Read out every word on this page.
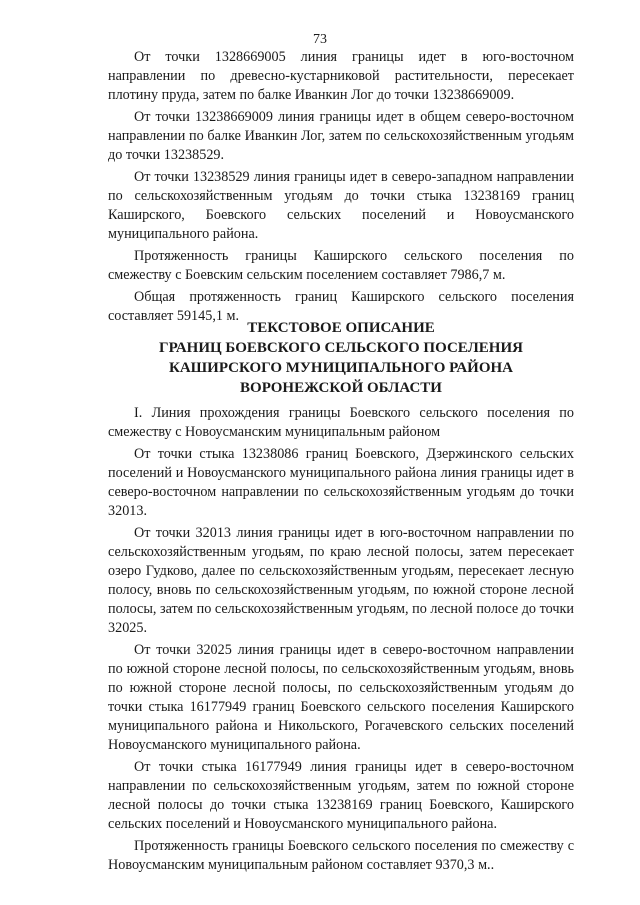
73

От точки 1328669005 линия границы идет в юго-восточном направлении по древесно-кустарниковой растительности, пересекает плотину пруда, затем по балке Иванкин Лог до точки 13238669009.

От точки 13238669009 линия границы идет в общем северо-восточном направлении по балке Иванкин Лог, затем по сельскохозяйственным угодьям до точки 13238529.

От точки 13238529 линия границы идет в северо-западном направлении по сельскохозяйственным угодьям до точки стыка 13238169 границ Каширского, Боевского сельских поселений и Новоусманского муниципального района.

Протяженность границы Каширского сельского поселения по смежеству с Боевским сельским поселением составляет 7986,7 м.

Общая протяженность границ Каширского сельского поселения составляет 59145,1 м.

ТЕКСТОВОЕ ОПИСАНИЕ
ГРАНИЦ БОЕВСКОГО СЕЛЬСКОГО ПОСЕЛЕНИЯ
КАШИРСКОГО МУНИЦИПАЛЬНОГО РАЙОНА
ВОРОНЕЖСКОЙ ОБЛАСТИ

I. Линия прохождения границы Боевского сельского поселения по смежеству с Новоусманским муниципальным районом

От точки стыка 13238086 границ Боевского, Дзержинского сельских поселений и Новоусманского муниципального района линия границы идет в северо-восточном направлении по сельскохозяйственным угодьям до точки 32013.

От точки 32013 линия границы идет в юго-восточном направлении по сельскохозяйственным угодьям, по краю лесной полосы, затем пересекает озеро Гудково, далее по сельскохозяйственным угодьям, пересекает лесную полосу, вновь по сельскохозяйственным угодьям, по южной стороне лесной полосы, затем по сельскохозяйственным угодьям, по лесной полосе до точки 32025.

От точки 32025 линия границы идет в северо-восточном направлении по южной стороне лесной полосы, по сельскохозяйственным угодьям, вновь по южной стороне лесной полосы, по сельскохозяйственным угодьям до точки стыка 16177949 границ Боевского сельского поселения Каширского муниципального района и Никольского, Рогачевского сельских поселений Новоусманского муниципального района.

От точки стыка 16177949 линия границы идет в северо-восточном направлении по сельскохозяйственным угодьям, затем по южной стороне лесной полосы до точки стыка 13238169 границ Боевского, Каширского сельских поселений и Новоусманского муниципального района.

Протяженность границы Боевского сельского поселения по смежеству с Новоусманским муниципальным районом составляет 9370,3 м..
